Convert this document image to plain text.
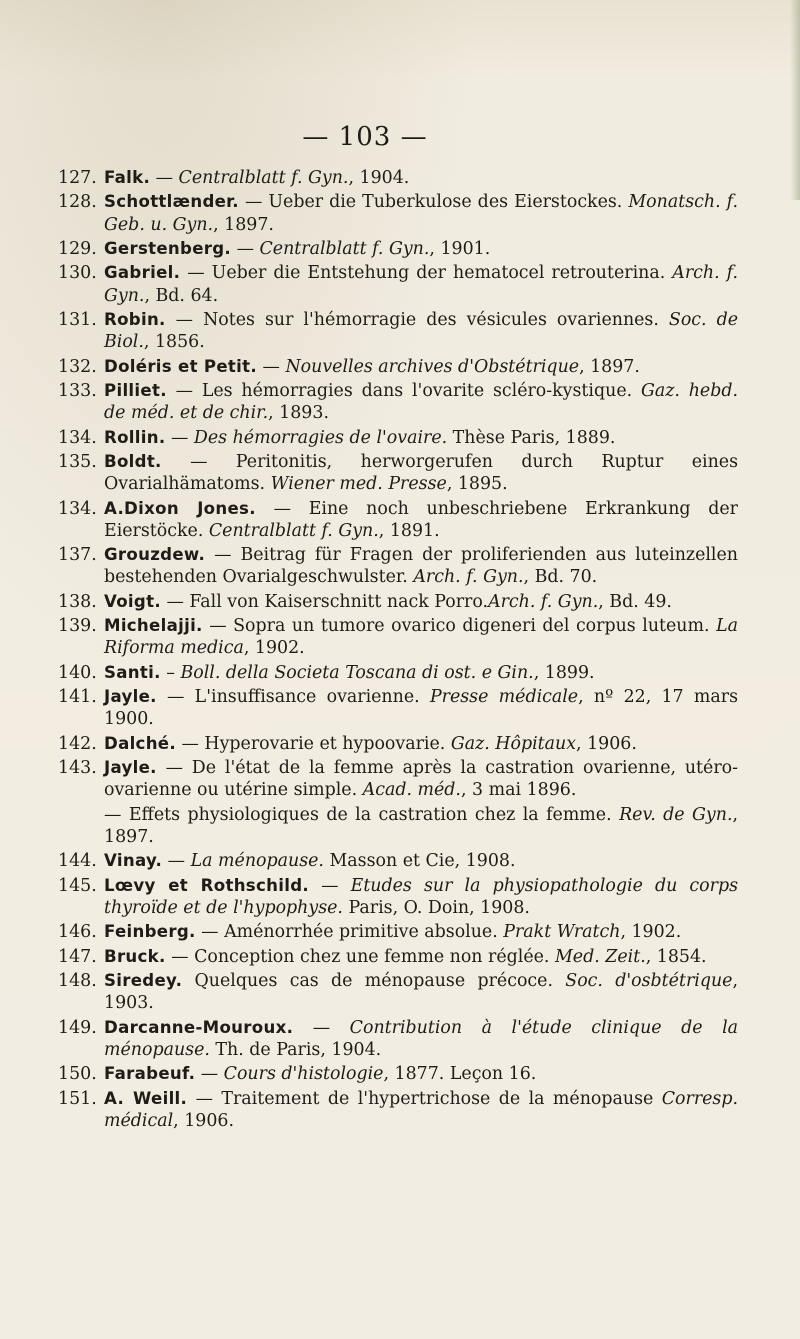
— 103 —
127. Falk. — Centralblatt f. Gyn., 1904.
128. Schottlænder. — Ueber die Tuberkulose des Eierstockes. Monatsch. f. Geb. u. Gyn., 1897.
129. Gerstenberg. — Centralblatt f. Gyn., 1901.
130. Gabriel. — Ueber die Entstehung der hematocel retrouterina. Arch. f. Gyn., Bd. 64.
131. Robin. — Notes sur l'hémorragie des vésicules ovariennes. Soc. de Biol., 1856.
132. Doléris et Petit. — Nouvelles archives d'Obstétrique, 1897.
133. Pilliet. — Les hémorragies dans l'ovarite scléro-kystique. Gaz. hebd. de méd. et de chir., 1893.
134. Rollin. — Des hémorragies de l'ovaire. Thèse Paris, 1889.
135. Boldt. — Peritonitis, herworgerufen durch Ruptur eines Ovarialhämatoms. Wiener med. Presse, 1895.
134. A.Dixon Jones. — Eine noch unbeschriebene Erkrankung der Eierstöcke. Centralblatt f. Gyn., 1891.
137. Grouzdew. — Beitrag für Fragen der proliferienden aus luteinzellen bestehenden Ovarialgeschwulster. Arch. f. Gyn., Bd. 70.
138. Voigt. — Fall von Kaiserschnitt nack Porro.Arch. f. Gyn., Bd. 49.
139. Michelajji. — Sopra un tumore ovarico digeneri del corpus luteum. La Riforma medica, 1902.
140. Santi. – Boll. della Societa Toscana di ost. e Gin., 1899.
141. Jayle. — L'insuffisance ovarienne. Presse médicale, nº 22, 17 mars 1900.
142. Dalché. — Hyperovarie et hypoovarie. Gaz. Hôpitaux, 1906.
143. Jayle. — De l'état de la femme après la castration ovarienne, utéro-ovarienne ou utérine simple. Acad. méd., 3 mai 1896.
— Effets physiologiques de la castration chez la femme. Rev. de Gyn., 1897.
144. Vinay. — La ménopause. Masson et Cie, 1908.
145. Lœvy et Rothschild. — Etudes sur la physiopathologie du corps thyroïde et de l'hypophyse. Paris, O. Doin, 1908.
146. Feinberg. — Aménorrhée primitive absolue. Prakt Wratch, 1902.
147. Bruck. — Conception chez une femme non réglée. Med. Zeit., 1854.
148. Siredey. Quelques cas de ménopause précoce. Soc. d'osbtétrique, 1903.
149. Darcanne-Mouroux. — Contribution à l'étude clinique de la ménopause. Th. de Paris, 1904.
150. Farabeuf. — Cours d'histologie, 1877. Leçon 16.
151. A. Weill. — Traitement de l'hypertrichose de la ménopause Corresp. médical, 1906.
